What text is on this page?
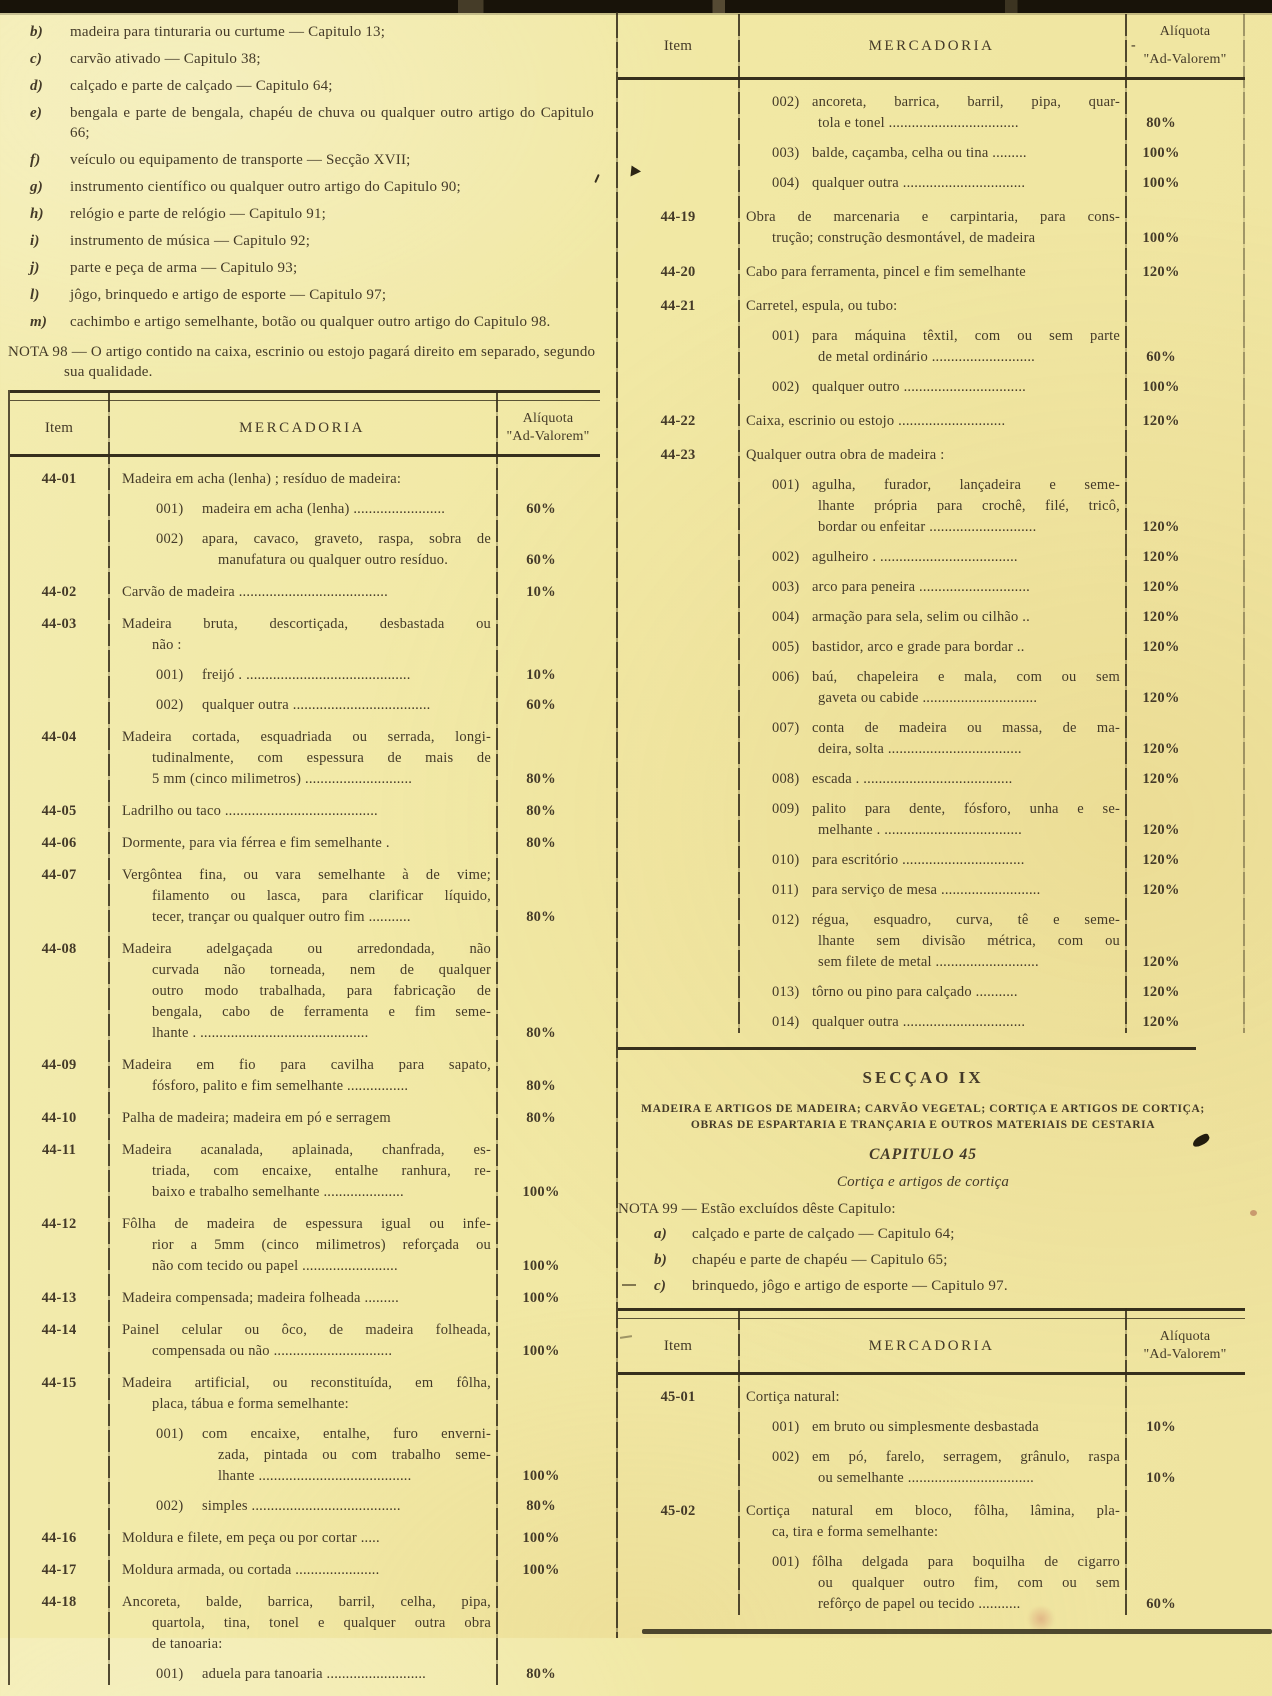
b)	madeira para tinturaria ou curtume — Capitulo 13;
c)	carvão ativado — Capitulo 38;
d)	calçado e parte de calçado — Capitulo 64;
e)	bengala e parte de bengala, chapéu de chuva ou qualquer outro artigo do Capitulo 66;
f)	veículo ou equipamento de transporte — Secção XVII;
g)	instrumento científico ou qualquer outro artigo do Capitulo 90;
h)	relógio e parte de relógio — Capitulo 91;
i)	instrumento de música — Capitulo 92;
j)	parte e peça de arma — Capitulo 93;
l)	jôgo, brinquedo e artigo de esporte — Capitulo 97;
m)	cachimbo e artigo semelhante, botão ou qualquer outro artigo do Capitulo 98.

NOTA 98 — O artigo contido na caixa, escrinio ou estojo pagará direito em separado, segundo sua qualidade.

Item	MERCADORIA
Alíquota
"Ad-Valorem"
44-01	Madeira em acha (lenha) ; resíduo de madeira:
001)	madeira em acha (lenha) ........................	60%
002)	apara, cavaco, graveto, raspa, sobra de
manufatura ou qualquer outro resíduo.	60%
44-02	Carvão de madeira .......................................	10%
44-03	Madeira bruta, descortiçada, desbastada ou
não :
001)	freijó . ...........................................	10%
002)	qualquer outra ....................................	60%
44-04	Madeira cortada, esquadriada ou serrada, longi-
tudinalmente, com espessura de mais de
5 mm (cinco milimetros) ............................	80%
44-05	Ladrilho ou taco ........................................	80%
44-06	Dormente, para via férrea e fim semelhante .	80%
44-07	Vergôntea fina, ou vara semelhante à de vime;
filamento ou lasca, para clarificar líquido,
tecer, trançar ou qualquer outro fim ...........	80%
44-08	Madeira adelgaçada ou arredondada, não
curvada não torneada, nem de qualquer
outro modo trabalhada, para fabricação de
bengala, cabo de ferramenta e fim seme-
lhante . ............................................	80%
44-09	Madeira em fio para cavilha para sapato,
fósforo, palito e fim semelhante ................	80%
44-10	Palha de madeira; madeira em pó e serragem	80%
44-11	Madeira acanalada, aplainada, chanfrada, es-
triada, com encaixe, entalhe ranhura, re-
baixo e trabalho semelhante .....................	100%
44-12	Fôlha de madeira de espessura igual ou infe-
rior a 5mm (cinco milimetros) reforçada ou
não com tecido ou papel .........................	100%
44-13	Madeira compensada; madeira folheada .........	100%
44-14	Painel celular ou ôco, de madeira folheada,
compensada ou não ...............................	100%
44-15	Madeira artificial, ou reconstituída, em fôlha,
placa, tábua e forma semelhante:
001)	com encaixe, entalhe, furo enverni-
zada, pintada ou com trabalho seme-
lhante ........................................	100%
002)	simples .......................................	80%
44-16	Moldura e filete, em peça ou por cortar .....	100%
44-17	Moldura armada, ou cortada ......................	100%
44-18	Ancoreta, balde, barrica, barril, celha, pipa,
quartola, tina, tonel e qualquer outra obra
de tanoaria:
001)	aduela para tanoaria ..........................	80%
Item	MERCADORIA
Alíquota
-
"Ad-Valorem"
002) ancoreta, barrica, barril, pipa, quar-
tola e tonel ..................................	80%
003) balde, caçamba, celha ou tina .........	100%
004) qualquer outra ................................	100%
44-19	Obra de marcenaria e carpintaria, para cons-
trução; construção desmontável, de madeira	100%
44-20	Cabo para ferramenta, pincel e fim semelhante	120%
44-21	Carretel, espula, ou tubo:
001) para máquina têxtil, com ou sem parte
de metal ordinário ...........................	60%
002) qualquer outro ................................	100%
44-22	Caixa, escrinio ou estojo ............................	120%
44-23	Qualquer outra obra de madeira :
001) agulha, furador, lançadeira e seme-
lhante própria para crochê, filé, tricô,
bordar ou enfeitar ............................	120%
002) agulheiro . ....................................	120%
003) arco para peneira .............................	120%
004) armação para sela, selim ou cilhão ..	120%
005) bastidor, arco e grade para bordar ..	120%
006) baú, chapeleira e mala, com ou sem
gaveta ou cabide ..............................	120%
007) conta de madeira ou massa, de ma-
deira, solta ...................................	120%
008) escada . .......................................	120%
009) palito para dente, fósforo, unha e se-
melhante . ....................................	120%
010) para escritório ................................	120%
011) para serviço de mesa ..........................	120%
012) régua, esquadro, curva, tê e seme-
lhante sem divisão métrica, com ou
sem filete de metal ...........................	120%
013) tôrno ou pino para calçado ...........	120%
014) qualquer outra ................................	120%
SECÇAO IX
MADEIRA E ARTIGOS DE MADEIRA; CARVÃO VEGETAL; CORTIÇA E ARTIGOS DE CORTIÇA;
OBRAS DE ESPARTARIA E TRANÇARIA E OUTROS MATERIAIS DE CESTARIA
CAPITULO 45
Cortiça e artigos de cortiça
NOTA 99 — Estão excluídos dêste Capitulo:
a)	calçado e parte de calçado — Capitulo 64;
b)	chapéu e parte de chapéu — Capitulo 65;
c)	brinquedo, jôgo e artigo de esporte — Capitulo 97.
Item	MERCADORIA
Alíquota
"Ad-Valorem"
45-01	Cortiça natural:
001) em bruto ou simplesmente desbastada	10%
002) em pó, farelo, serragem, grânulo, raspa
ou semelhante .................................	10%
45-02	Cortiça natural em bloco, fôlha, lâmina, pla-
ca, tira e forma semelhante:
001) fôlha delgada para boquilha de cigarro
ou qualquer outro fim, com ou sem
refôrço de papel ou tecido ...........	60%
